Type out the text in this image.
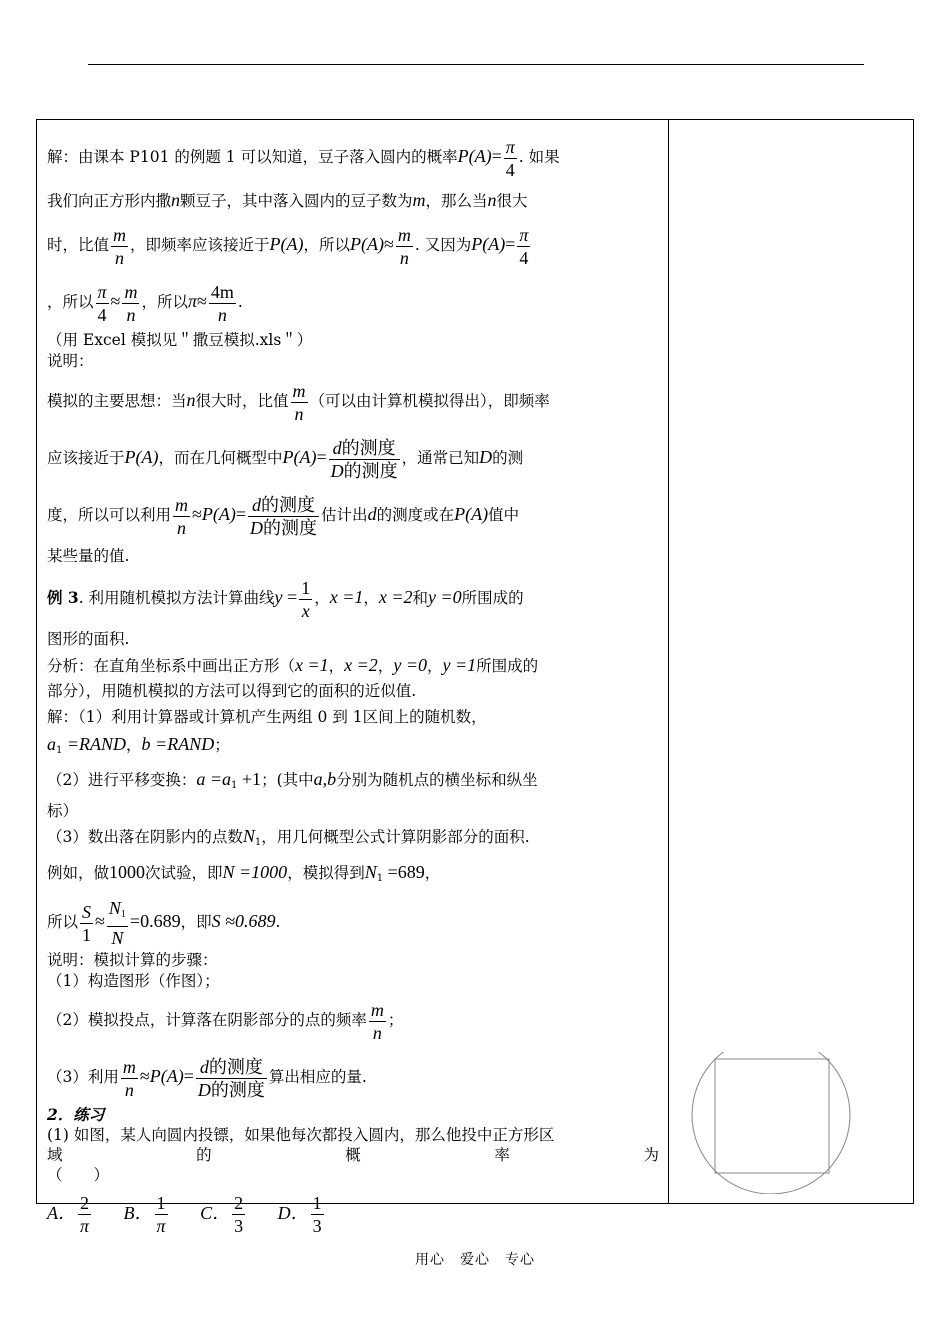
解：由课本 P101 的例题 1 可以知道，豆子落入圆内的概率$P(A)= \frac{\pi}{4}$ . 如果

我们向正方形内撒n颗豆子，其中落入圆内的豆子数为m，那么当n很大

时，比值 $\frac{m}{n}$ ，即频率应该接近于P(A)，所以$P(A)\approx \frac{m}{n}$ . 又因为$P(A)= \frac{\pi}{4}$

，所以 $\frac{\pi}{4} \approx \frac{m}{n}$ ，所以$\pi\approx \frac{4m}{n}$ .

（用 Excel 模拟见＂撒豆模拟.xls＂）

说明：

模拟的主要思想：当n很大时，比值 $\frac{m}{n}$ （可以由计算机模拟得出），即频率

应该接近于P(A)，而在几何概型中$P(A)= \frac{\text{d的测度}}{\text{D的测度}}$ ，通常已知D的测

度，所以可以利用 $\frac{m}{n} \approx P(A)= \frac{\text{d的测度}}{\text{D的测度}}$ 估计出d的测度或在P(A)值中

某些量的值.

例 3. 利用随机模拟方法计算曲线$y = \frac{1}{x}$ ，x =1，x =2和y =0所围成的

图形的面积.

分析：在直角坐标系中画出正方形（x =1，x =2，y =0，y =1所围成的

部分），用随机模拟的方法可以得到它的面积的近似值.

解：（1）利用计算器或计算机产生两组 0 到 1区间上的随机数，

$a_1$ =RAND，b =RAND；

（2）进行平移变换：$a =a_1 +1$；(其中a,b分别为随机点的横坐标和纵坐

标）

（3）数出落在阴影内的点数$N_1$，用几何概型公式计算阴影部分的面积.

例如，做1000次试验，即N =1000，模拟得到$N_1 =689$，

所以 $\frac{S}{1} \approx \frac{N_1}{N} =0.689$，即S ≈0.689.

说明：模拟计算的步骤：

（1）构造图形（作图）；

（2）模拟投点，计算落在阴影部分的点的频率 $\frac{m}{n}$ ；

（3）利用 $\frac{m}{n} \approx P(A)= \frac{\text{d的测度}}{\text{D的测度}}$ 算出相应的量.

2．练习

(1) 如图，某人向圆内投镖，如果他每次都投入圆内，那么他投中正方形区

域	的	概	率	为

（　　）

A． $\frac{2}{\pi}$ B． $\frac{1}{\pi}$ C． $\frac{2}{3}$ D． $\frac{1}{3}$

用心　爱心　专心
